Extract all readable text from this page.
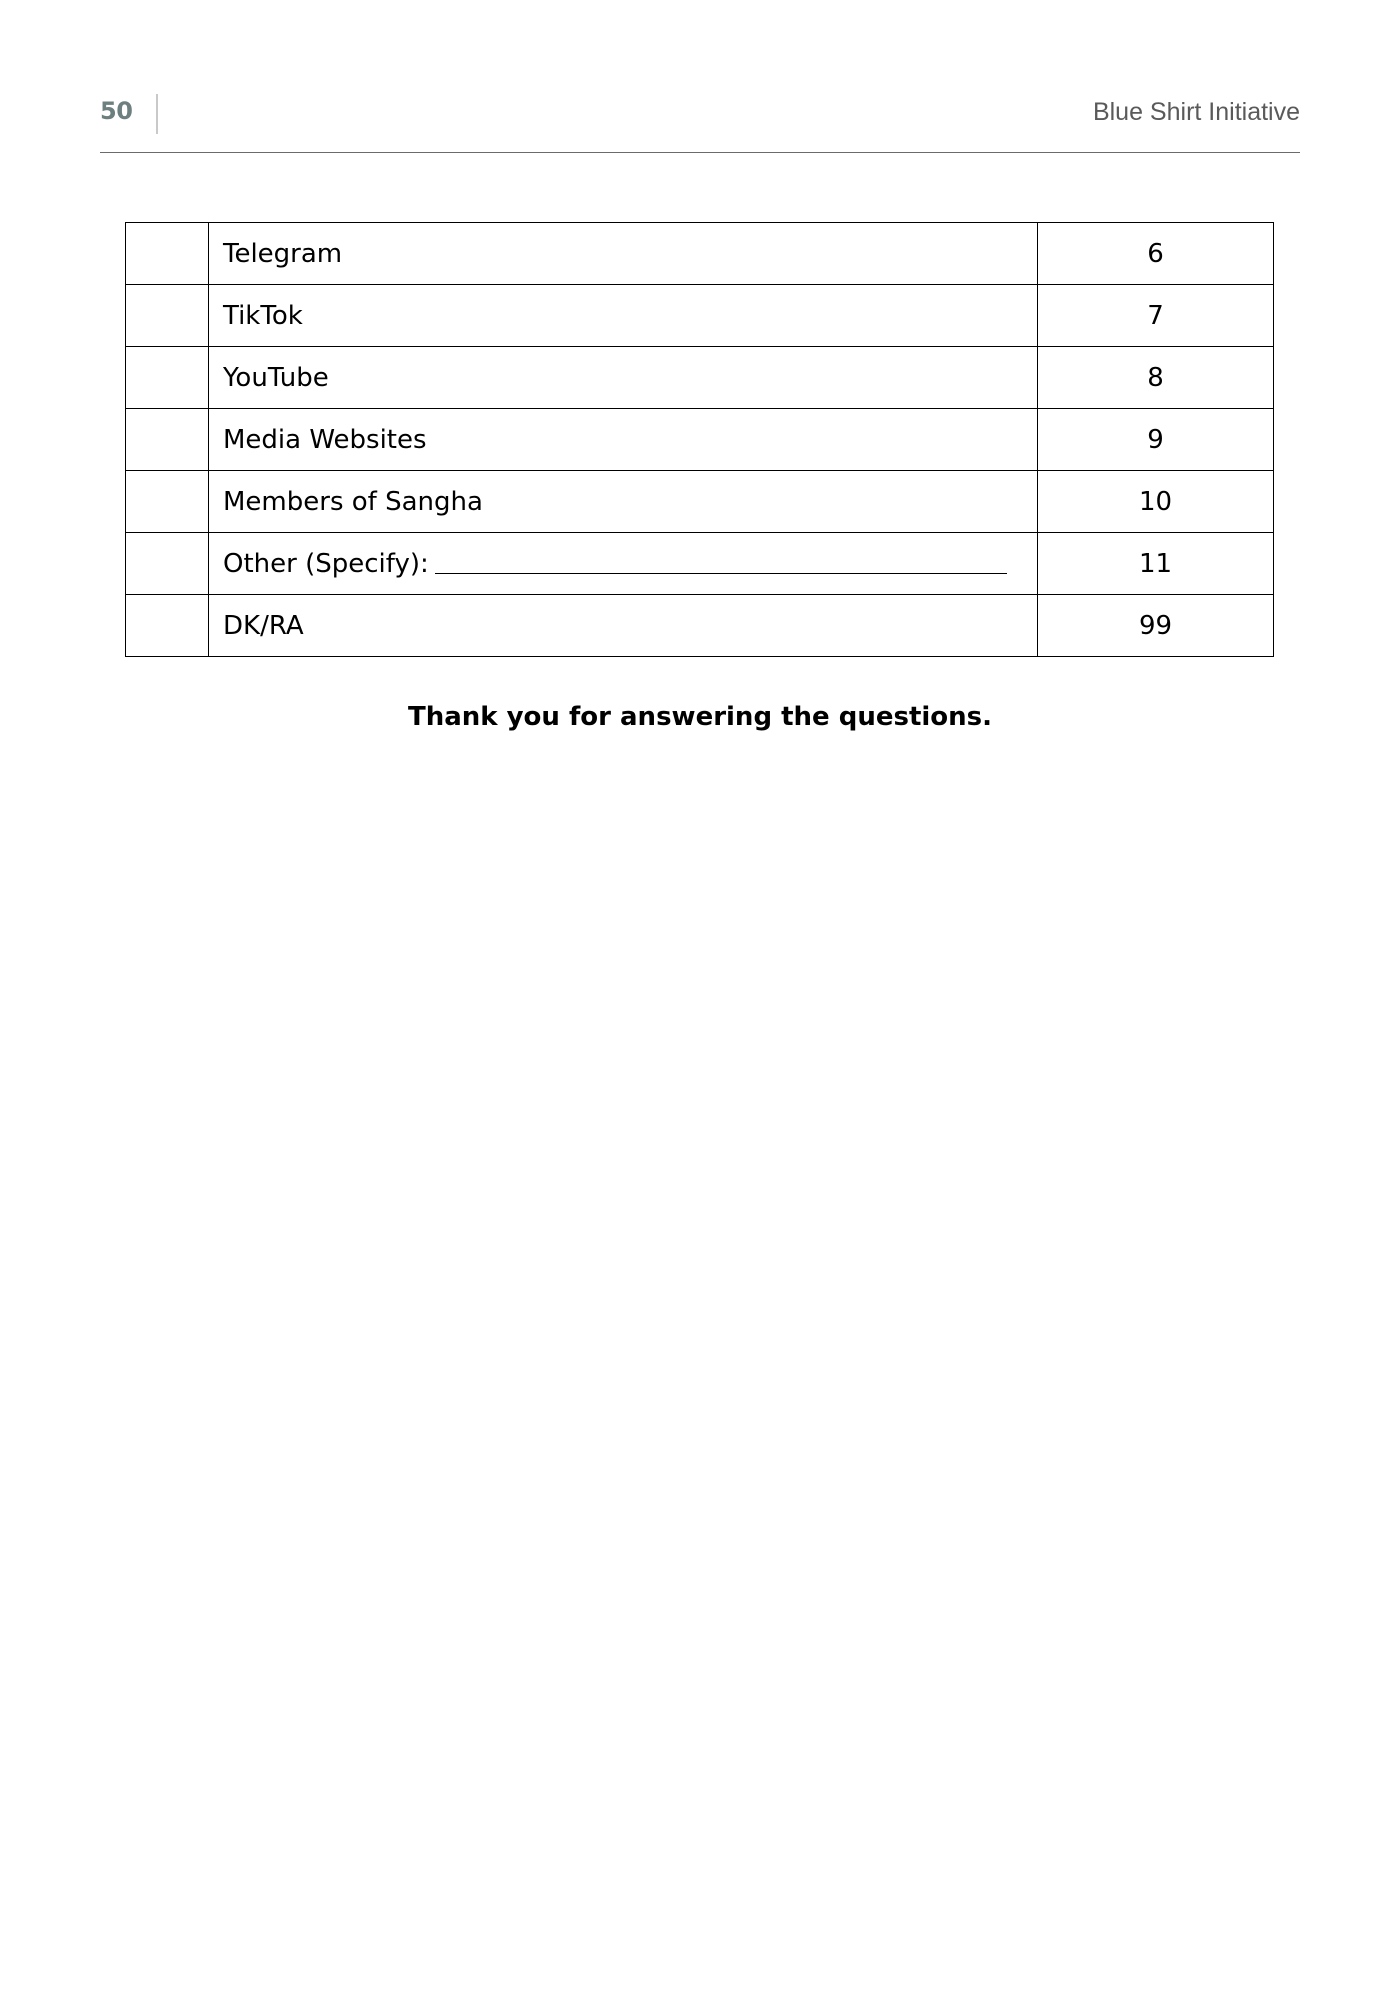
50	Blue Shirt Initiative
	Telegram	6
	TikTok	7
	YouTube	8
	Media Websites	9
	Members of Sangha	10
	Other (Specify):	11
	DK/RA	99
Thank you for answering the questions.
